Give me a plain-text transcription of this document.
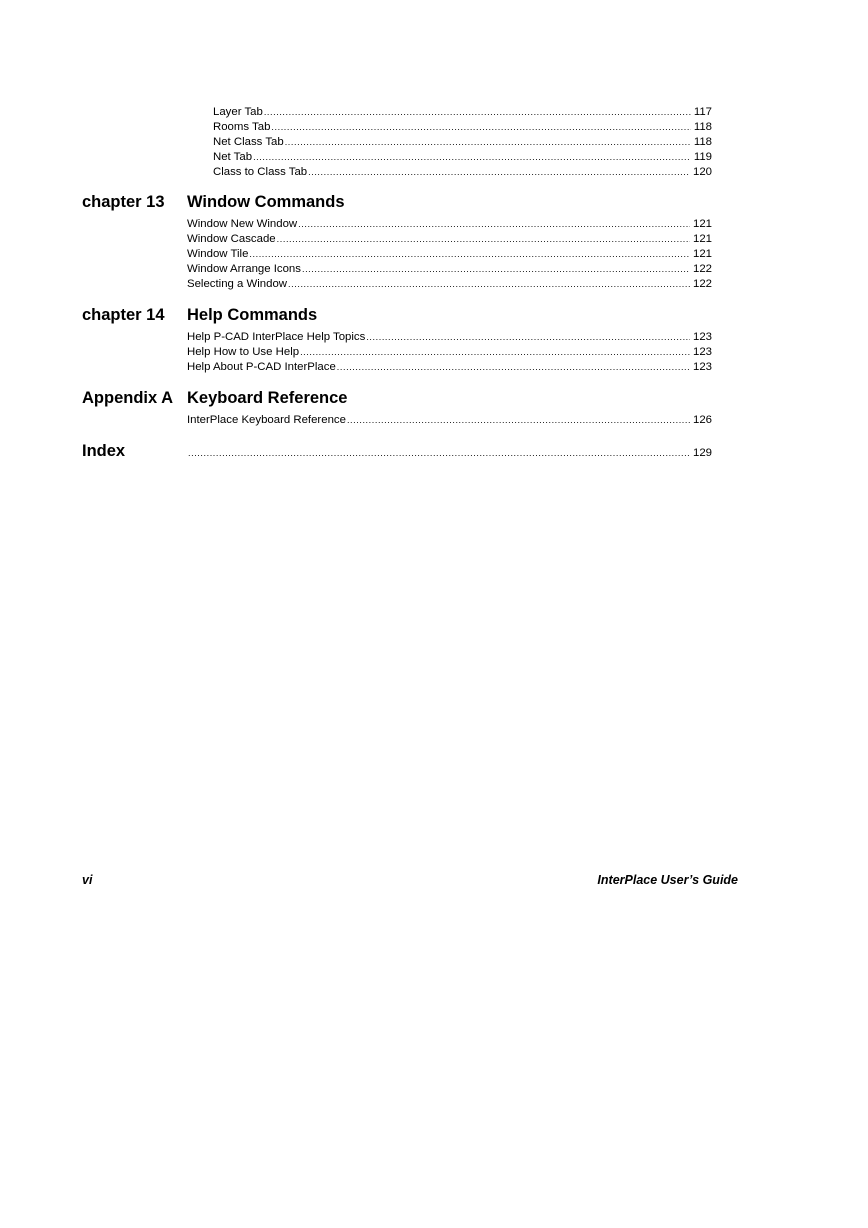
Layer Tab .....	117
Rooms Tab .....	118
Net Class Tab .....	118
Net Tab .....	119
Class to Class Tab .....	120
chapter 13	Window Commands
Window New Window .....	121
Window Cascade .....	121
Window Tile .....	121
Window Arrange Icons .....	122
Selecting a Window .....	122
chapter 14	Help Commands
Help P-CAD InterPlace Help Topics .....	123
Help How to Use Help .....	123
Help About P-CAD InterPlace .....	123
Appendix A Keyboard Reference
InterPlace Keyboard Reference .....	126
Index .....	129
vi	InterPlace User’s Guide
